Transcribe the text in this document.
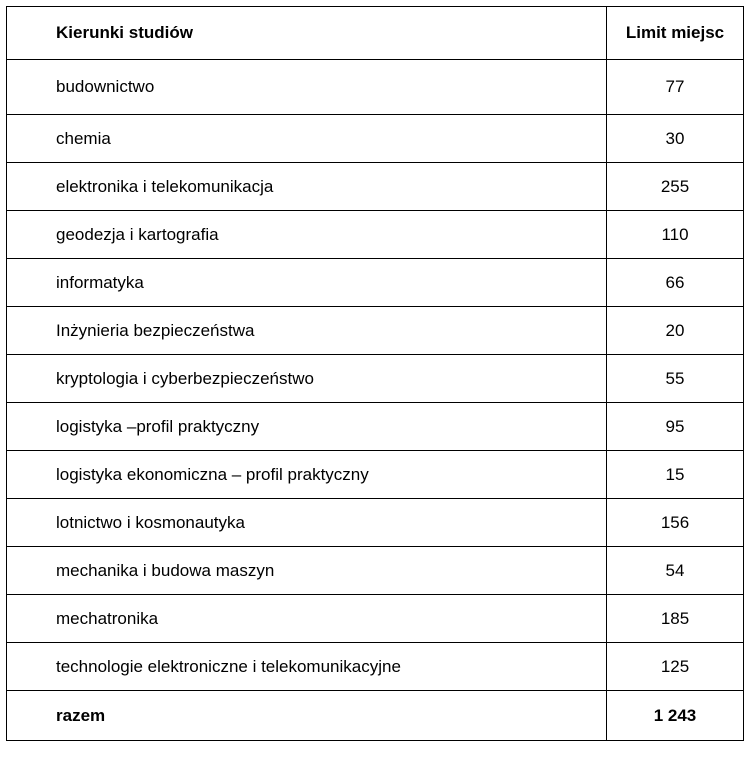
Kierunki studiów	Limit miejsc
budownictwo	77
chemia	30
elektronika i telekomunikacja	255
geodezja i kartografia	110
informatyka	66
Inżynieria bezpieczeństwa	20
kryptologia i cyberbezpieczeństwo	55
logistyka –profil praktyczny	95
logistyka ekonomiczna – profil praktyczny	15
lotnictwo i kosmonautyka	156
mechanika i budowa maszyn	54
mechatronika	185
technologie elektroniczne i telekomunikacyjne	125
razem	1 243
